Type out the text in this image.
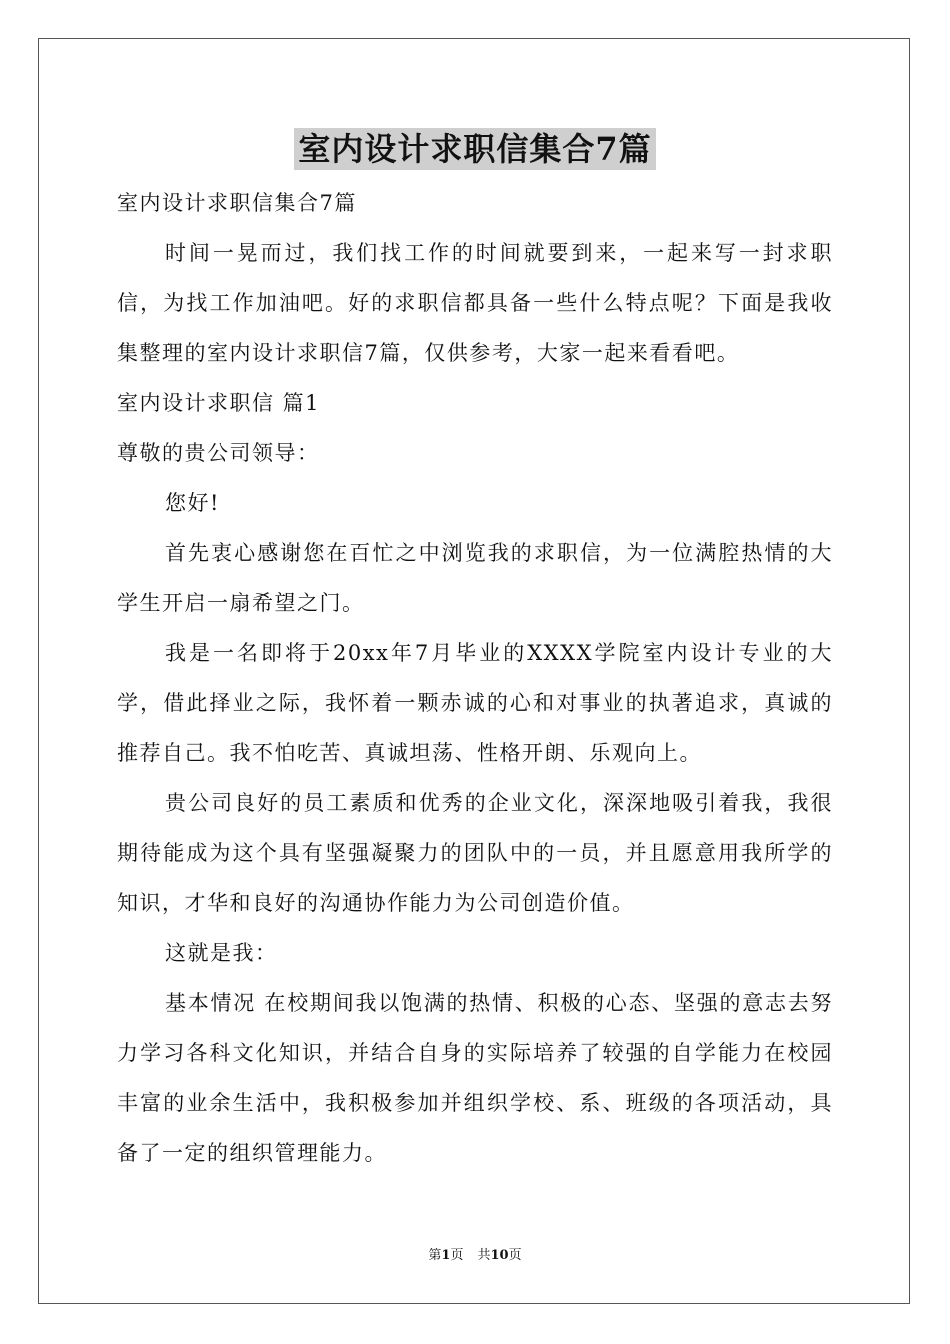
室内设计求职信集合7篇

室内设计求职信集合7篇

时间一晃而过，我们找工作的时间就要到来，一起来写一封求职信，为找工作加油吧。好的求职信都具备一些什么特点呢？下面是我收集整理的室内设计求职信7篇，仅供参考，大家一起来看看吧。

室内设计求职信 篇1

尊敬的贵公司领导：

您好!

首先衷心感谢您在百忙之中浏览我的求职信，为一位满腔热情的大学生开启一扇希望之门。

我是一名即将于20xx年7月毕业的XXXX学院室内设计专业的大学，借此择业之际，我怀着一颗赤诚的心和对事业的执著追求，真诚的推荐自己。我不怕吃苦、真诚坦荡、性格开朗、乐观向上。

贵公司良好的员工素质和优秀的企业文化，深深地吸引着我，我很期待能成为这个具有坚强凝聚力的团队中的一员，并且愿意用我所学的知识，才华和良好的沟通协作能力为公司创造价值。

这就是我：

基本情况 在校期间我以饱满的热情、积极的心态、坚强的意志去努力学习各科文化知识，并结合自身的实际培养了较强的自学能力在校园丰富的业余生活中，我积极参加并组织学校、系、班级的各项活动，具备了一定的组织管理能力。

第1页 共10页
